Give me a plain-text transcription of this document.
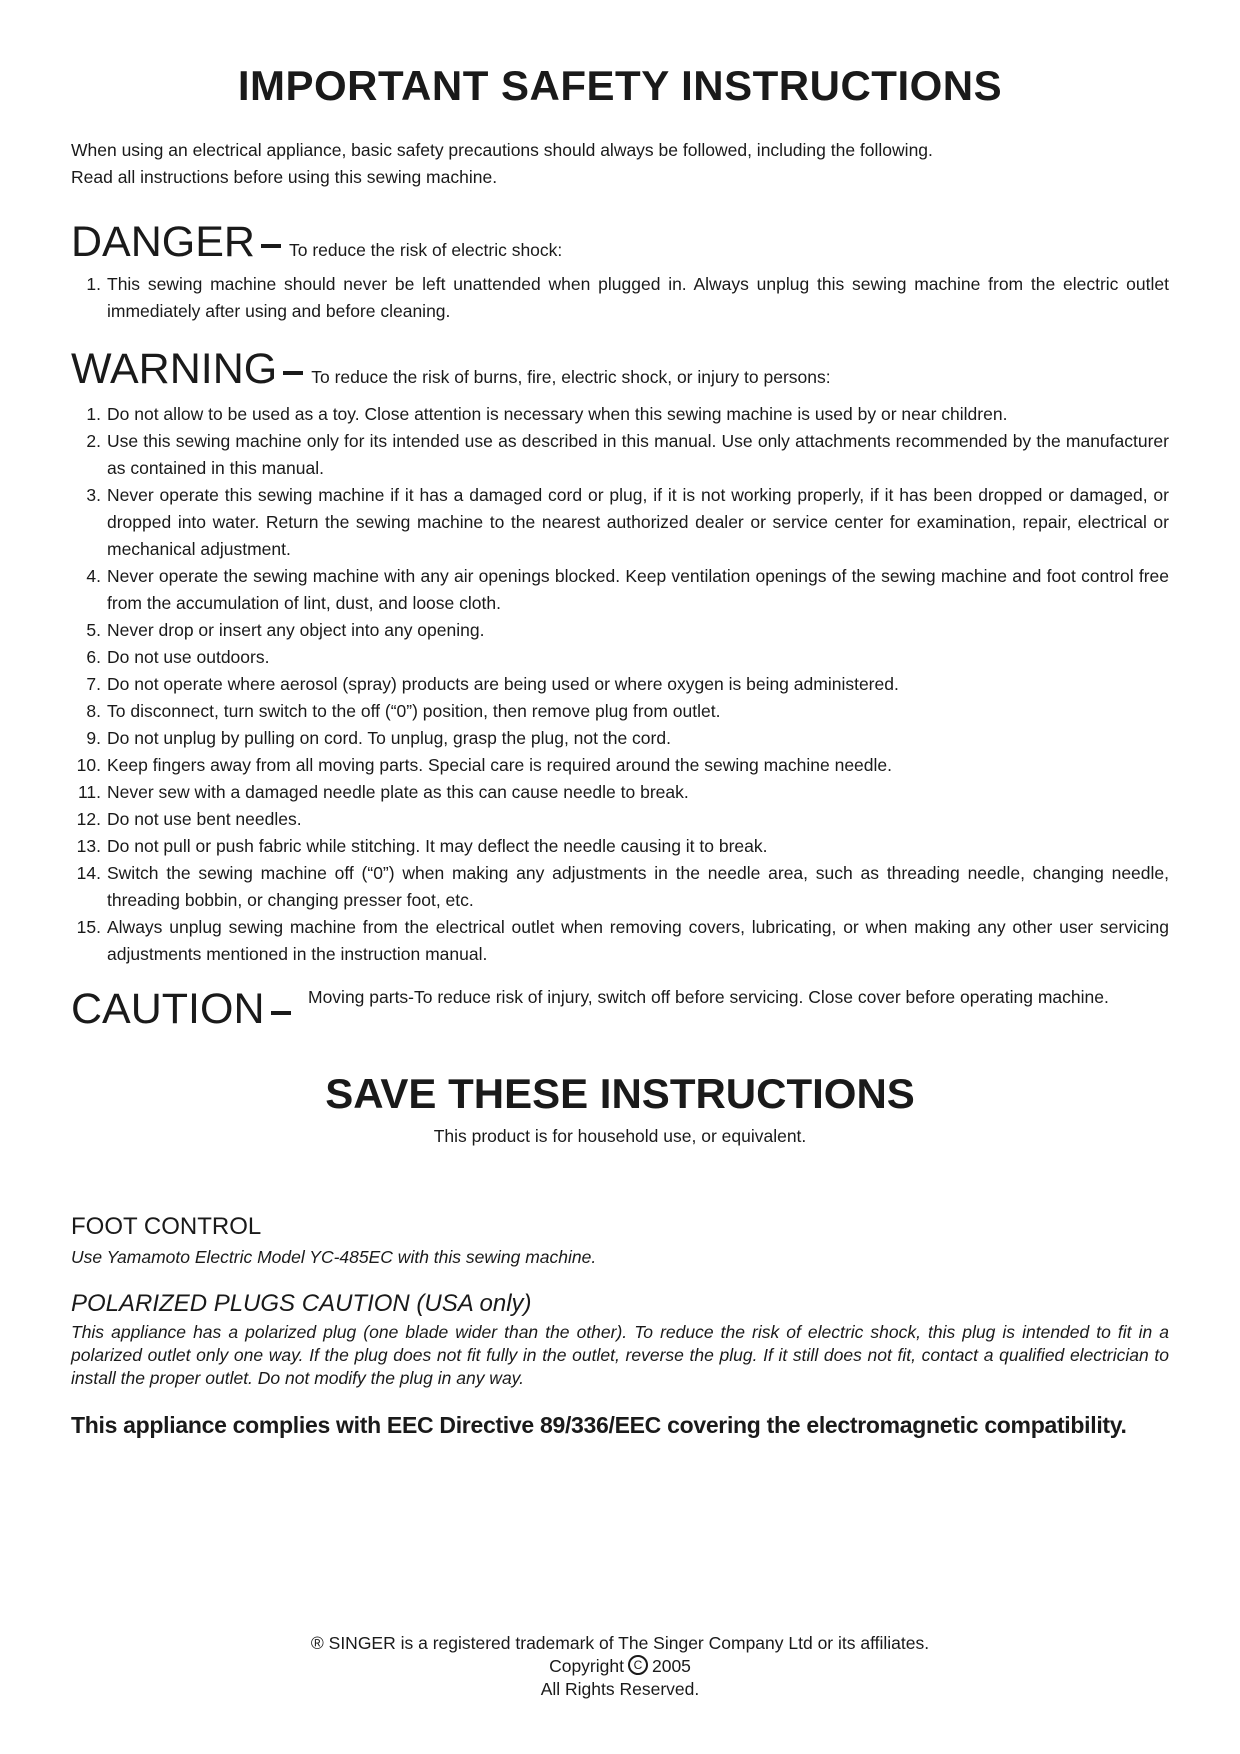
IMPORTANT SAFETY INSTRUCTIONS
When using an electrical appliance, basic safety precautions should always be followed, including the following.
Read all instructions before using this sewing machine.
DANGER To reduce the risk of electric shock:
1. This sewing machine should never be left unattended when plugged in. Always unplug this sewing machine from the electric outlet immediately after using and before cleaning.
WARNING To reduce the risk of burns, fire, electric shock, or injury to persons:
1. Do not allow to be used as a toy. Close attention is necessary when this sewing machine is used by or near children.
2. Use this sewing machine only for its intended use as described in this manual. Use only attachments recommended by the manufacturer as contained in this manual.
3. Never operate this sewing machine if it has a damaged cord or plug, if it is not working properly, if it has been dropped or damaged, or dropped into water. Return the sewing machine to the nearest authorized dealer or service center for examination, repair, electrical or mechanical adjustment.
4. Never operate the sewing machine with any air openings blocked. Keep ventilation openings of the sewing machine and foot control free from the accumulation of lint, dust, and loose cloth.
5. Never drop or insert any object into any opening.
6. Do not use outdoors.
7. Do not operate where aerosol (spray) products are being used or where oxygen is being administered.
8. To disconnect, turn switch to the off (“0”) position, then remove plug from outlet.
9. Do not unplug by pulling on cord. To unplug, grasp the plug, not the cord.
10. Keep fingers away from all moving parts. Special care is required around the sewing machine needle.
11. Never sew with a damaged needle plate as this can cause needle to break.
12. Do not use bent needles.
13. Do not pull or push fabric while stitching. It may deflect the needle causing it to break.
14. Switch the sewing machine off (“0”) when making any adjustments in the needle area, such as threading needle, changing needle, threading bobbin, or changing presser foot, etc.
15. Always unplug sewing machine from the electrical outlet when removing covers, lubricating, or when making any other user servicing adjustments mentioned in the instruction manual.
CAUTION	Moving parts-To reduce risk of injury, switch off before servicing. Close cover before operating machine.
SAVE THESE INSTRUCTIONS
This product is for household use, or equivalent.
FOOT CONTROL
Use Yamamoto Electric Model YC-485EC with this sewing machine.
POLARIZED PLUGS CAUTION (USA only)
This appliance has a polarized plug (one blade wider than the other). To reduce the risk of electric shock, this plug is intended to fit in a polarized outlet only one way. If the plug does not fit fully in the outlet, reverse the plug. If it still does not fit, contact a qualified electrician to install the proper outlet. Do not modify the plug in any way.
This appliance complies with EEC Directive 89/336/EEC covering the electromagnetic compatibility.
® SINGER is a registered trademark of The Singer Company Ltd or its affiliates.
Copyright C 2005
All Rights Reserved.
